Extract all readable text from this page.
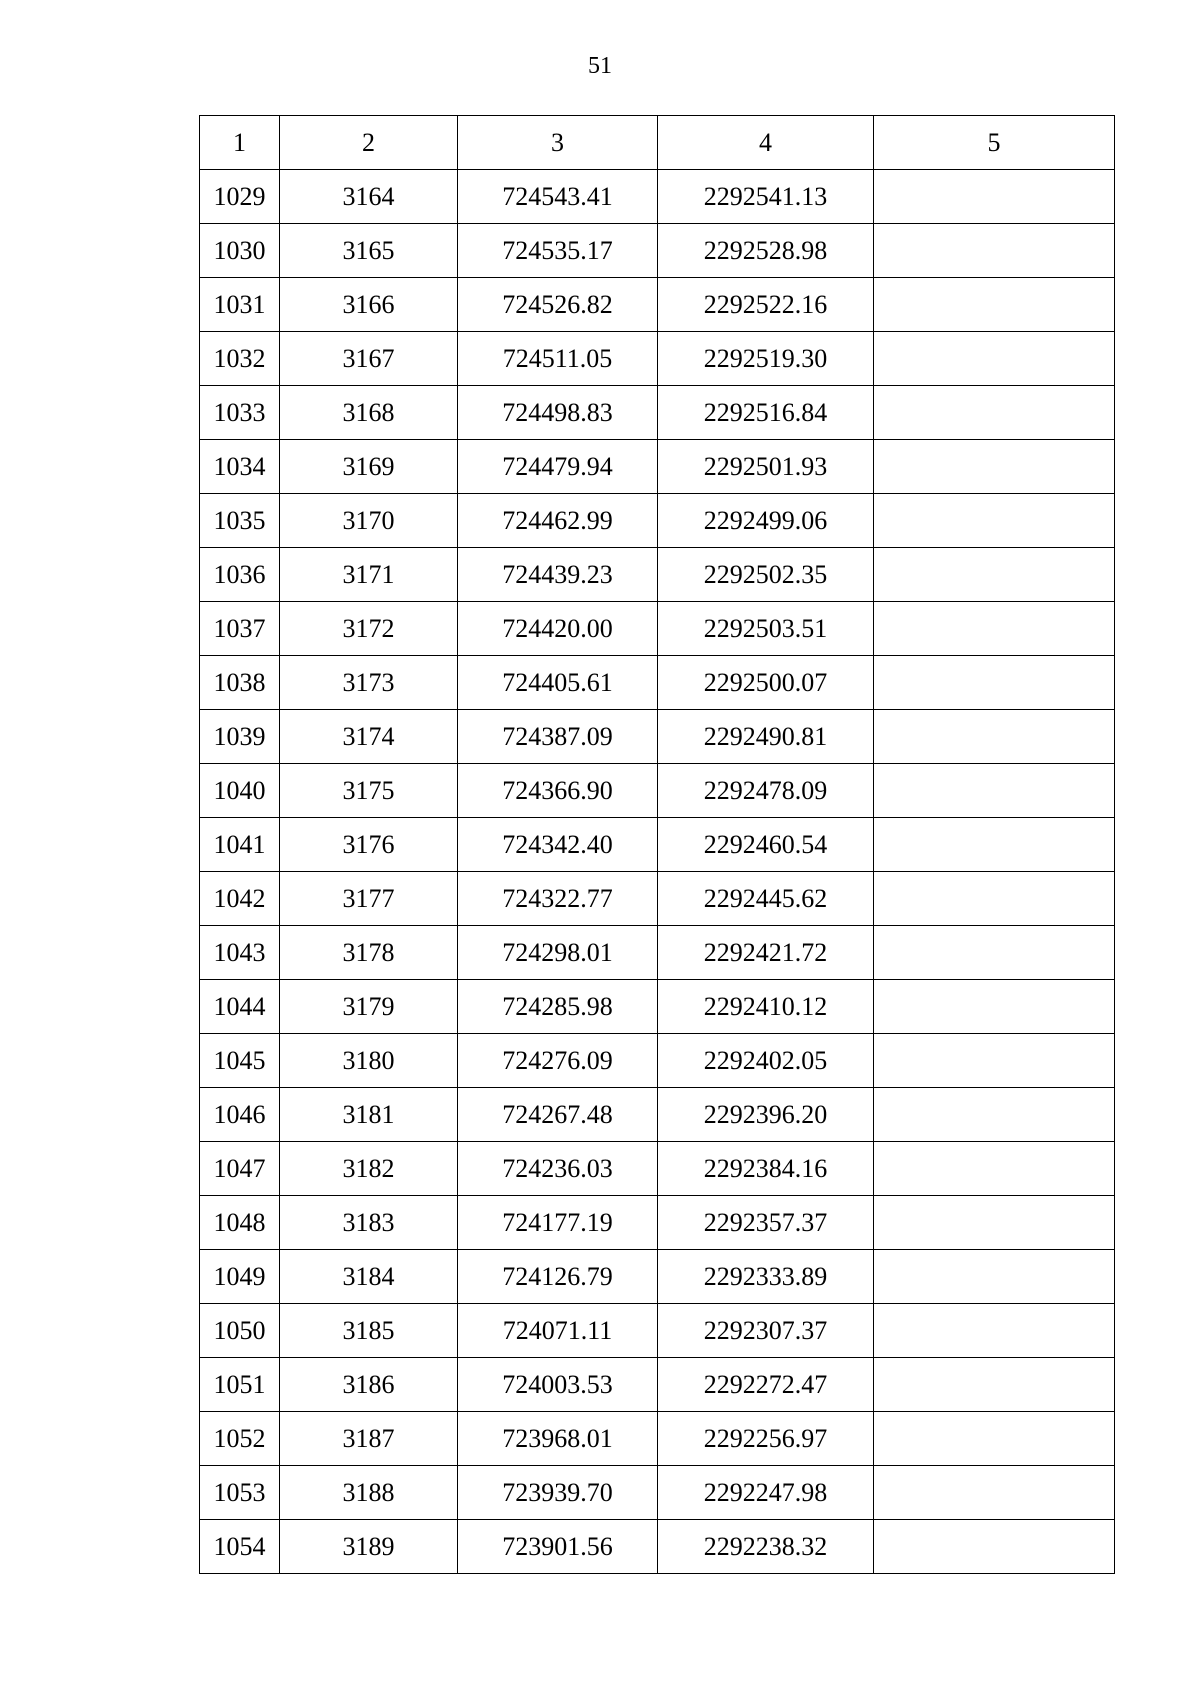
51
1	2	3	4	5
1029	3164	724543.41	2292541.13	
1030	3165	724535.17	2292528.98	
1031	3166	724526.82	2292522.16	
1032	3167	724511.05	2292519.30	
1033	3168	724498.83	2292516.84	
1034	3169	724479.94	2292501.93	
1035	3170	724462.99	2292499.06	
1036	3171	724439.23	2292502.35	
1037	3172	724420.00	2292503.51	
1038	3173	724405.61	2292500.07	
1039	3174	724387.09	2292490.81	
1040	3175	724366.90	2292478.09	
1041	3176	724342.40	2292460.54	
1042	3177	724322.77	2292445.62	
1043	3178	724298.01	2292421.72	
1044	3179	724285.98	2292410.12	
1045	3180	724276.09	2292402.05	
1046	3181	724267.48	2292396.20	
1047	3182	724236.03	2292384.16	
1048	3183	724177.19	2292357.37	
1049	3184	724126.79	2292333.89	
1050	3185	724071.11	2292307.37	
1051	3186	724003.53	2292272.47	
1052	3187	723968.01	2292256.97	
1053	3188	723939.70	2292247.98	
1054	3189	723901.56	2292238.32	
